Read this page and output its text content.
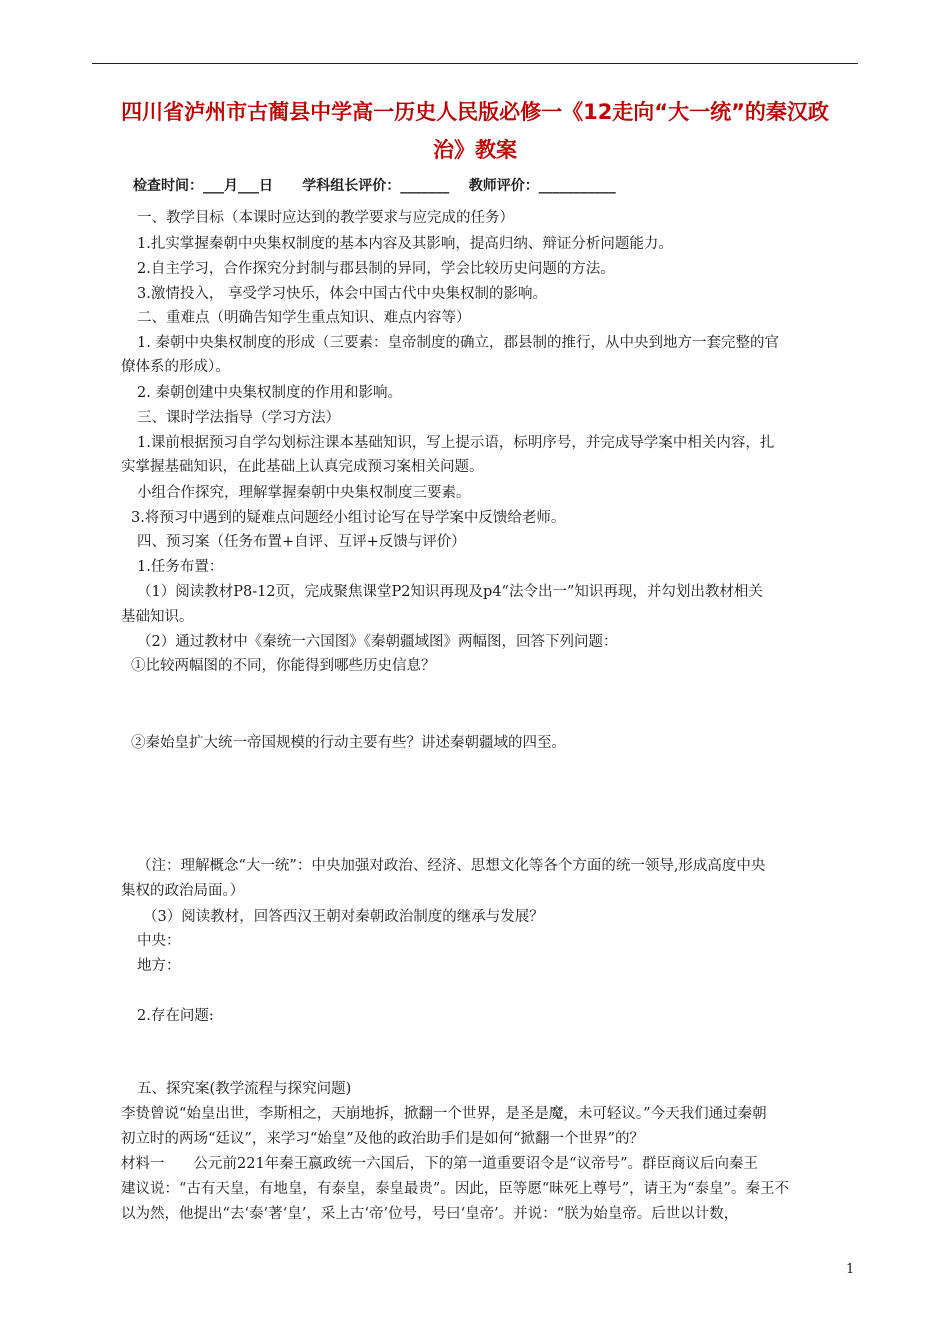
四川省泸州市古蔺县中学高一历史人民版必修一《12走向“大一统”的秦汉政
治》教案
检查时间：___月___日      学科组长评价：_______    教师评价：___________
一、教学目标（本课时应达到的教学要求与应完成的任务）
1.扎实掌握秦朝中央集权制度的基本内容及其影响，提高归纳、辩证分析问题能力。
2.自主学习，合作探究分封制与郡县制的异同，学会比较历史问题的方法。
3.激情投入， 享受学习快乐，体会中国古代中央集权制的影响。
二、重难点（明确告知学生重点知识、难点内容等）
1. 秦朝中央集权制度的形成（三要素：皇帝制度的确立，郡县制的推行，从中央到地方一套完整的官
僚体系的形成）。
2. 秦朝创建中央集权制度的作用和影响。
三、课时学法指导（学习方法）
1.课前根据预习自学勾划标注课本基础知识，写上提示语，标明序号，并完成导学案中相关内容，扎
实掌握基础知识，在此基础上认真完成预习案相关问题。
小组合作探究，理解掌握秦朝中央集权制度三要素。
3.将预习中遇到的疑难点问题经小组讨论写在导学案中反馈给老师。
四、预习案（任务布置+自评、互评+反馈与评价）
1.任务布置：
（1）阅读教材P8-12页，完成聚焦课堂P2知识再现及p4“法令出一”知识再现，并勾划出教材相关
基础知识。
（2）通过教材中《秦统一六国图》《秦朝疆域图》两幅图，回答下列问题：
①比较两幅图的不同，你能得到哪些历史信息？
②秦始皇扩大统一帝国规模的行动主要有些？讲述秦朝疆域的四至。
（注：理解概念“大一统”：中央加强对政治、经济、思想文化等各个方面的统一领导,形成高度中央
集权的政治局面。）
（3）阅读教材，回答西汉王朝对秦朝政治制度的继承与发展？
中央：
地方：
2.存在问题:
五、探究案(教学流程与探究问题)
李贽曾说“始皇出世，李斯相之，天崩地拆，掀翻一个世界，是圣是魔，未可轻议。”今天我们通过秦朝
初立时的两场“廷议”，来学习“始皇”及他的政治助手们是如何“掀翻一个世界”的？
材料一　　公元前221年秦王嬴政统一六国后，下的第一道重要诏令是“议帝号”。群臣商议后向秦王
建议说：“古有天皇，有地皇，有泰皇，泰皇最贵”。因此，臣等愿“昧死上尊号”，请王为“泰皇”。秦王不
以为然，他提出“去‘泰’著‘皇’，采上古‘帝’位号，号曰‘皇帝’。并说：“朕为始皇帝。后世以计数，
1
